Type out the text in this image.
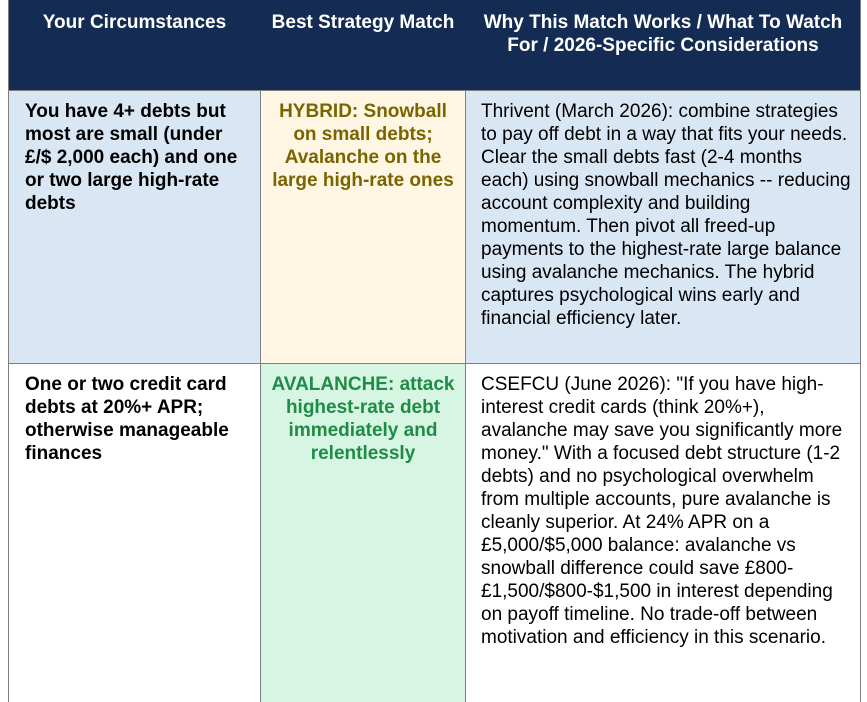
Your Circumstances	Best Strategy Match	Why This Match Works / What To Watch For / 2026-Specific Considerations
You have 4+ debts but most are small (under £/$ 2,000 each) and one or two large high-rate debts
HYBRID: Snowball on small debts; Avalanche on the large high-rate ones
Thrivent (March 2026): combine strategies to pay off debt in a way that fits your needs. Clear the small debts fast (2-4 months each) using snowball mechanics -- reducing account complexity and building momentum. Then pivot all freed-up payments to the highest-rate large balance using avalanche mechanics. The hybrid captures psychological wins early and financial efficiency later.
One or two credit card debts at 20%+ APR; otherwise manageable finances
AVALANCHE: attack highest-rate debt immediately and relentlessly
CSEFCU (June 2026): "If you have high-interest credit cards (think 20%+), avalanche may save you significantly more money." With a focused debt structure (1-2 debts) and no psychological overwhelm from multiple accounts, pure avalanche is cleanly superior. At 24% APR on a £5,000/$5,000 balance: avalanche vs snowball difference could save £800-£1,500/$800-$1,500 in interest depending on payoff timeline. No trade-off between motivation and efficiency in this scenario.
